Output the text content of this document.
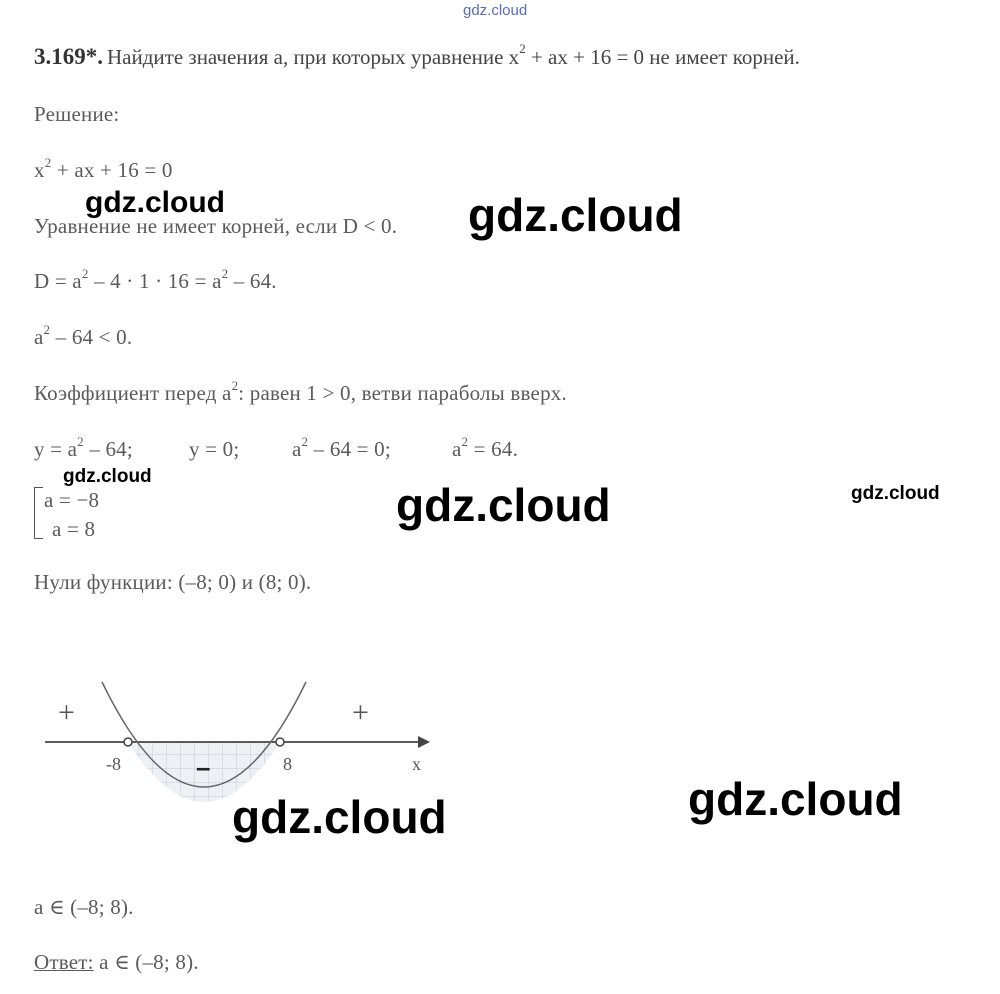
gdz.cloud
3.169*. Найдите значения a, при которых уравнение $x^2$ + ax + 16 = 0 не имеет корней.
Решение:
$x^2$ + ax + 16 = 0
Уравнение не имеет корней, если D < 0.
$D = a^2 - 4 \cdot 1 \cdot 16 = a^2 - 64$.
$a^2 - 64 < 0$.
Коэффициент перед $a^2$: равен 1 > 0, ветви параболы вверх.
$y = a^2 - 64$;	y = 0;	$a^2 - 64 = 0$;	$a^2 = 64$.
a = −8
a = 8
Нули функции: (–8; 0) и (8; 0).
+	+
–
-8	8	x
a ∈ (–8; 8).
Ответ: a ∈ (–8; 8).
gdz.cloud	gdz.cloud
gdz.cloud
gdz.cloud	gdz.cloud
gdz.cloud	gdz.cloud
